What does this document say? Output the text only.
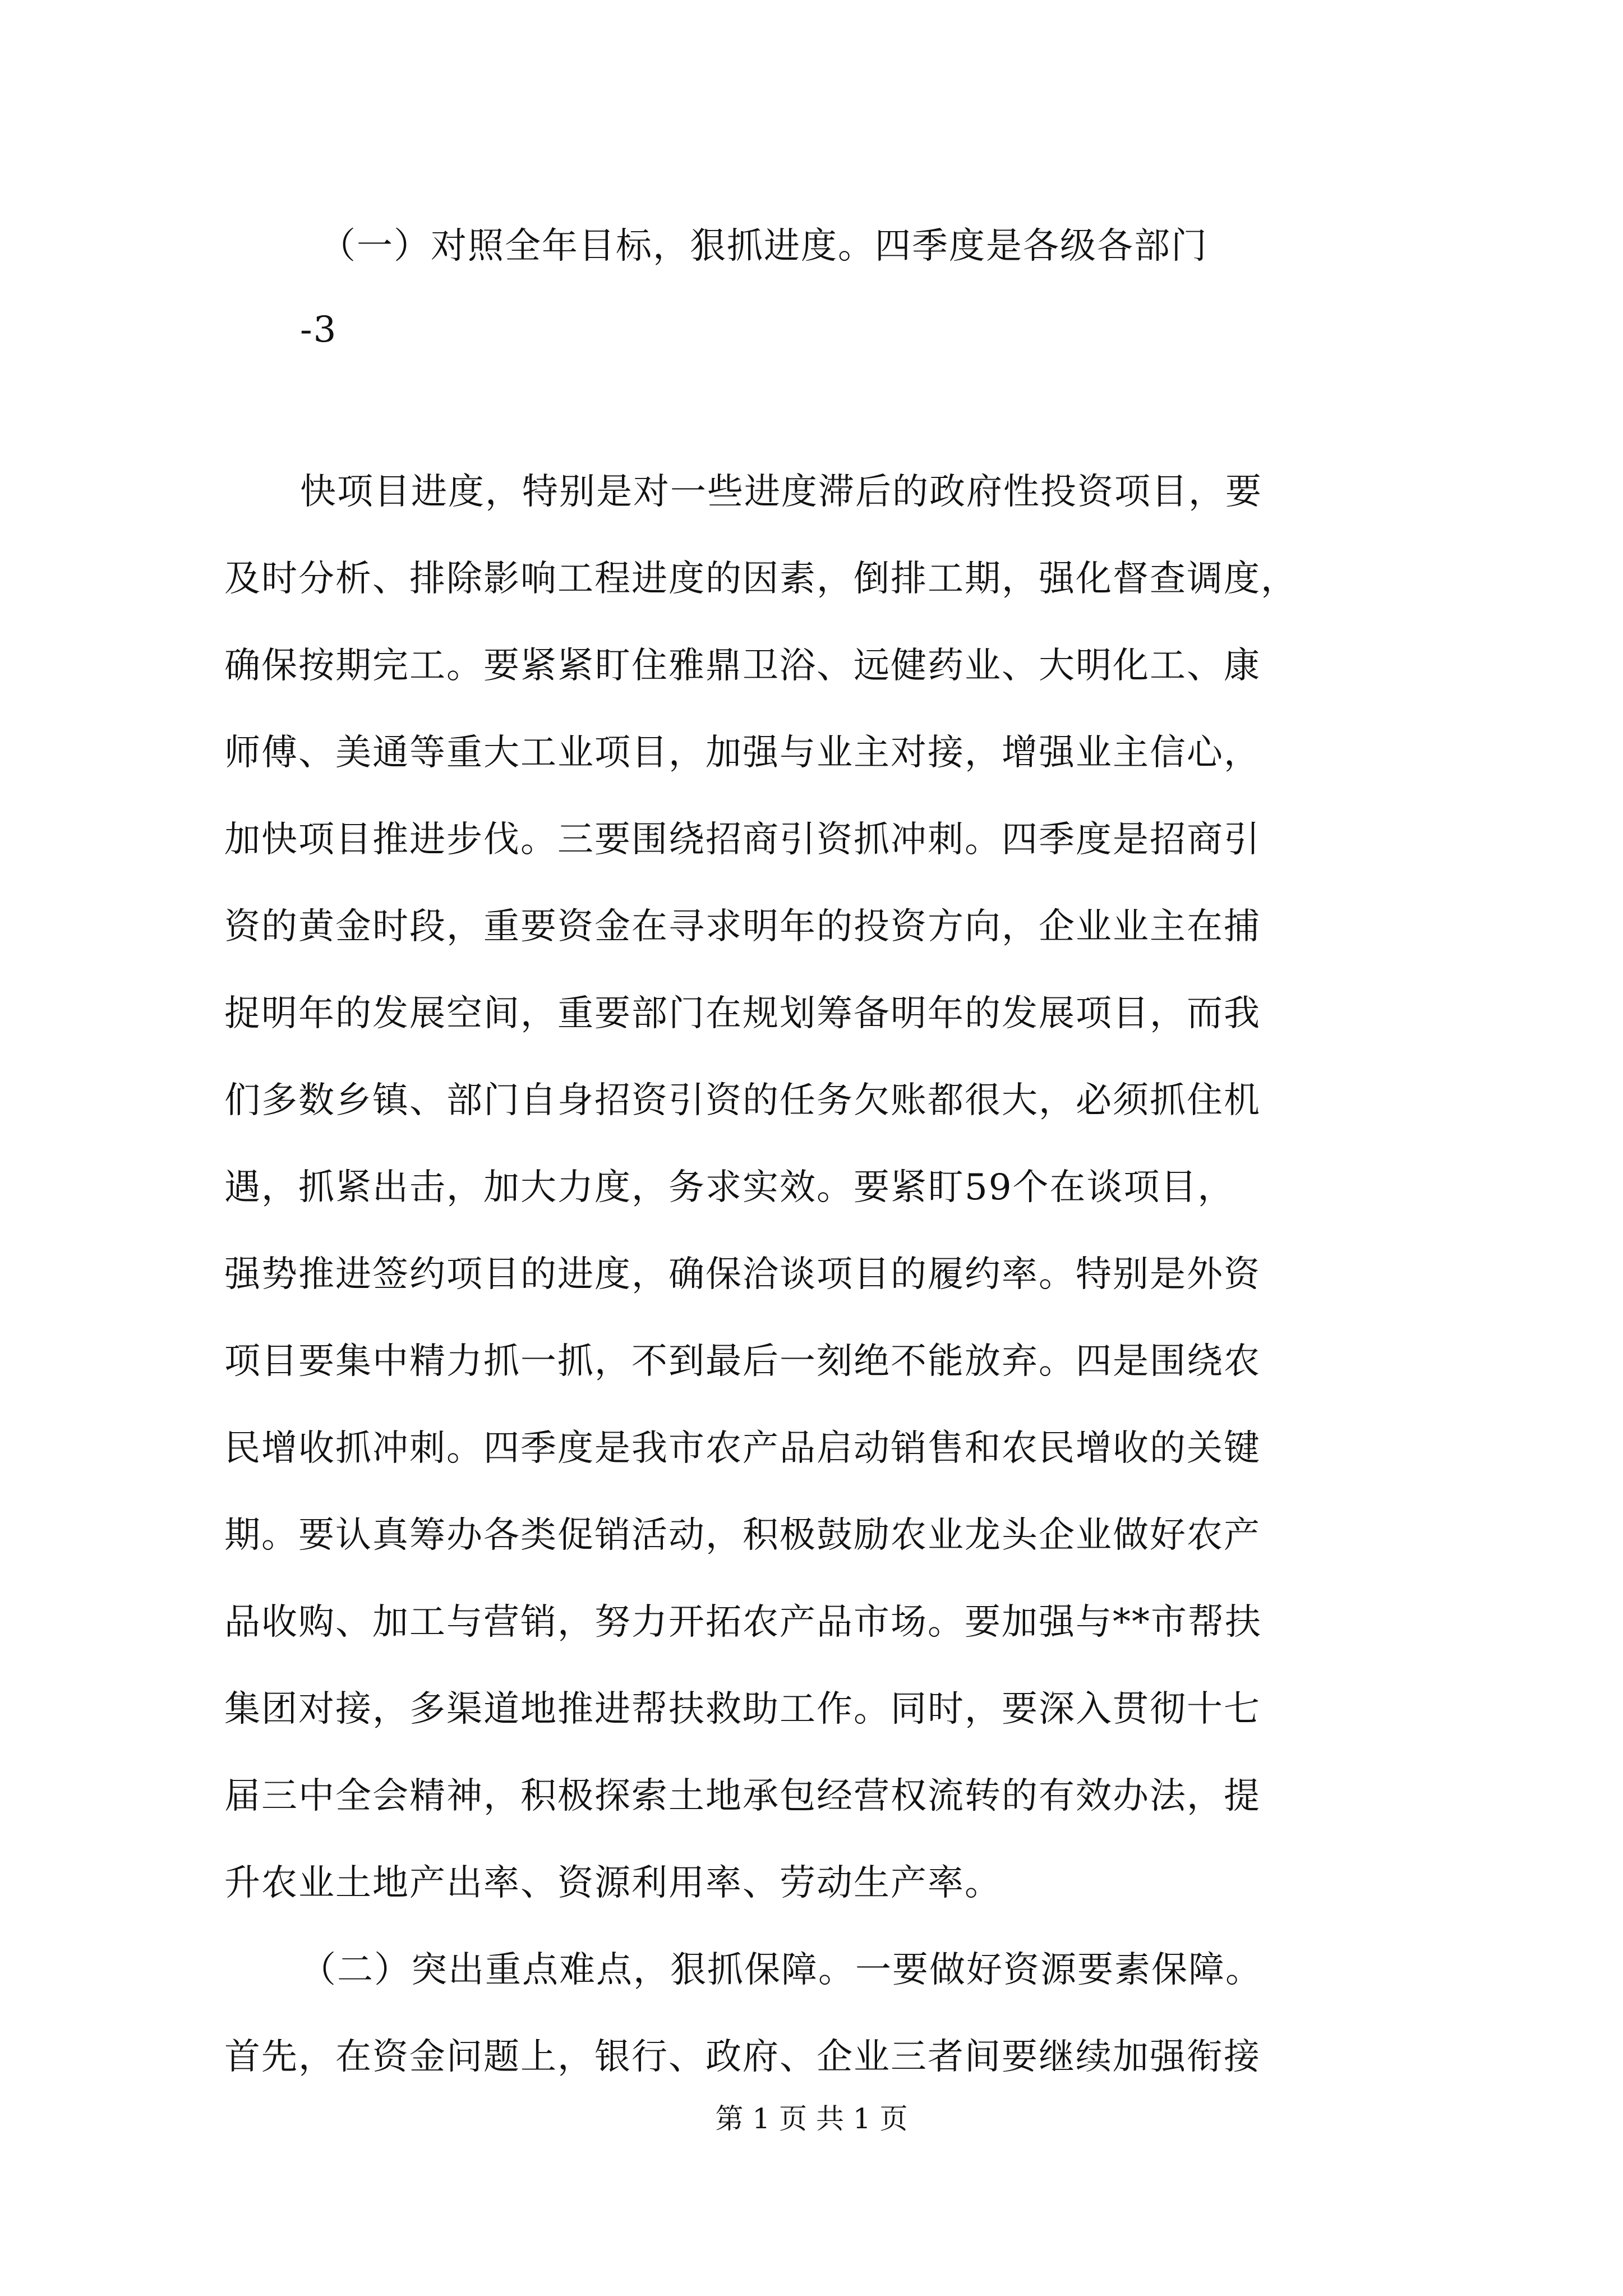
（一）对照全年目标，狠抓进度。四季度是各级各部门
-3
快项目进度，特别是对一些进度滞后的政府性投资项目，要
及时分析、排除影响工程进度的因素，倒排工期，强化督查调度，
确保按期完工。要紧紧盯住雅鼎卫浴、远健药业、大明化工、康
师傅、美通等重大工业项目，加强与业主对接，增强业主信心，
加快项目推进步伐。三要围绕招商引资抓冲刺。四季度是招商引
资的黄金时段，重要资金在寻求明年的投资方向，企业业主在捕
捉明年的发展空间，重要部门在规划筹备明年的发展项目，而我
们多数乡镇、部门自身招资引资的任务欠账都很大，必须抓住机
遇，抓紧出击，加大力度，务求实效。要紧盯59个在谈项目，
强势推进签约项目的进度，确保洽谈项目的履约率。特别是外资
项目要集中精力抓一抓，不到最后一刻绝不能放弃。四是围绕农
民增收抓冲刺。四季度是我市农产品启动销售和农民增收的关键
期。要认真筹办各类促销活动，积极鼓励农业龙头企业做好农产
品收购、加工与营销，努力开拓农产品市场。要加强与**市帮扶
集团对接，多渠道地推进帮扶救助工作。同时，要深入贯彻十七
届三中全会精神，积极探索土地承包经营权流转的有效办法，提
升农业土地产出率、资源利用率、劳动生产率。
（二）突出重点难点，狠抓保障。一要做好资源要素保障。
首先，在资金问题上，银行、政府、企业三者间要继续加强衔接
第 1 页 共 1 页
